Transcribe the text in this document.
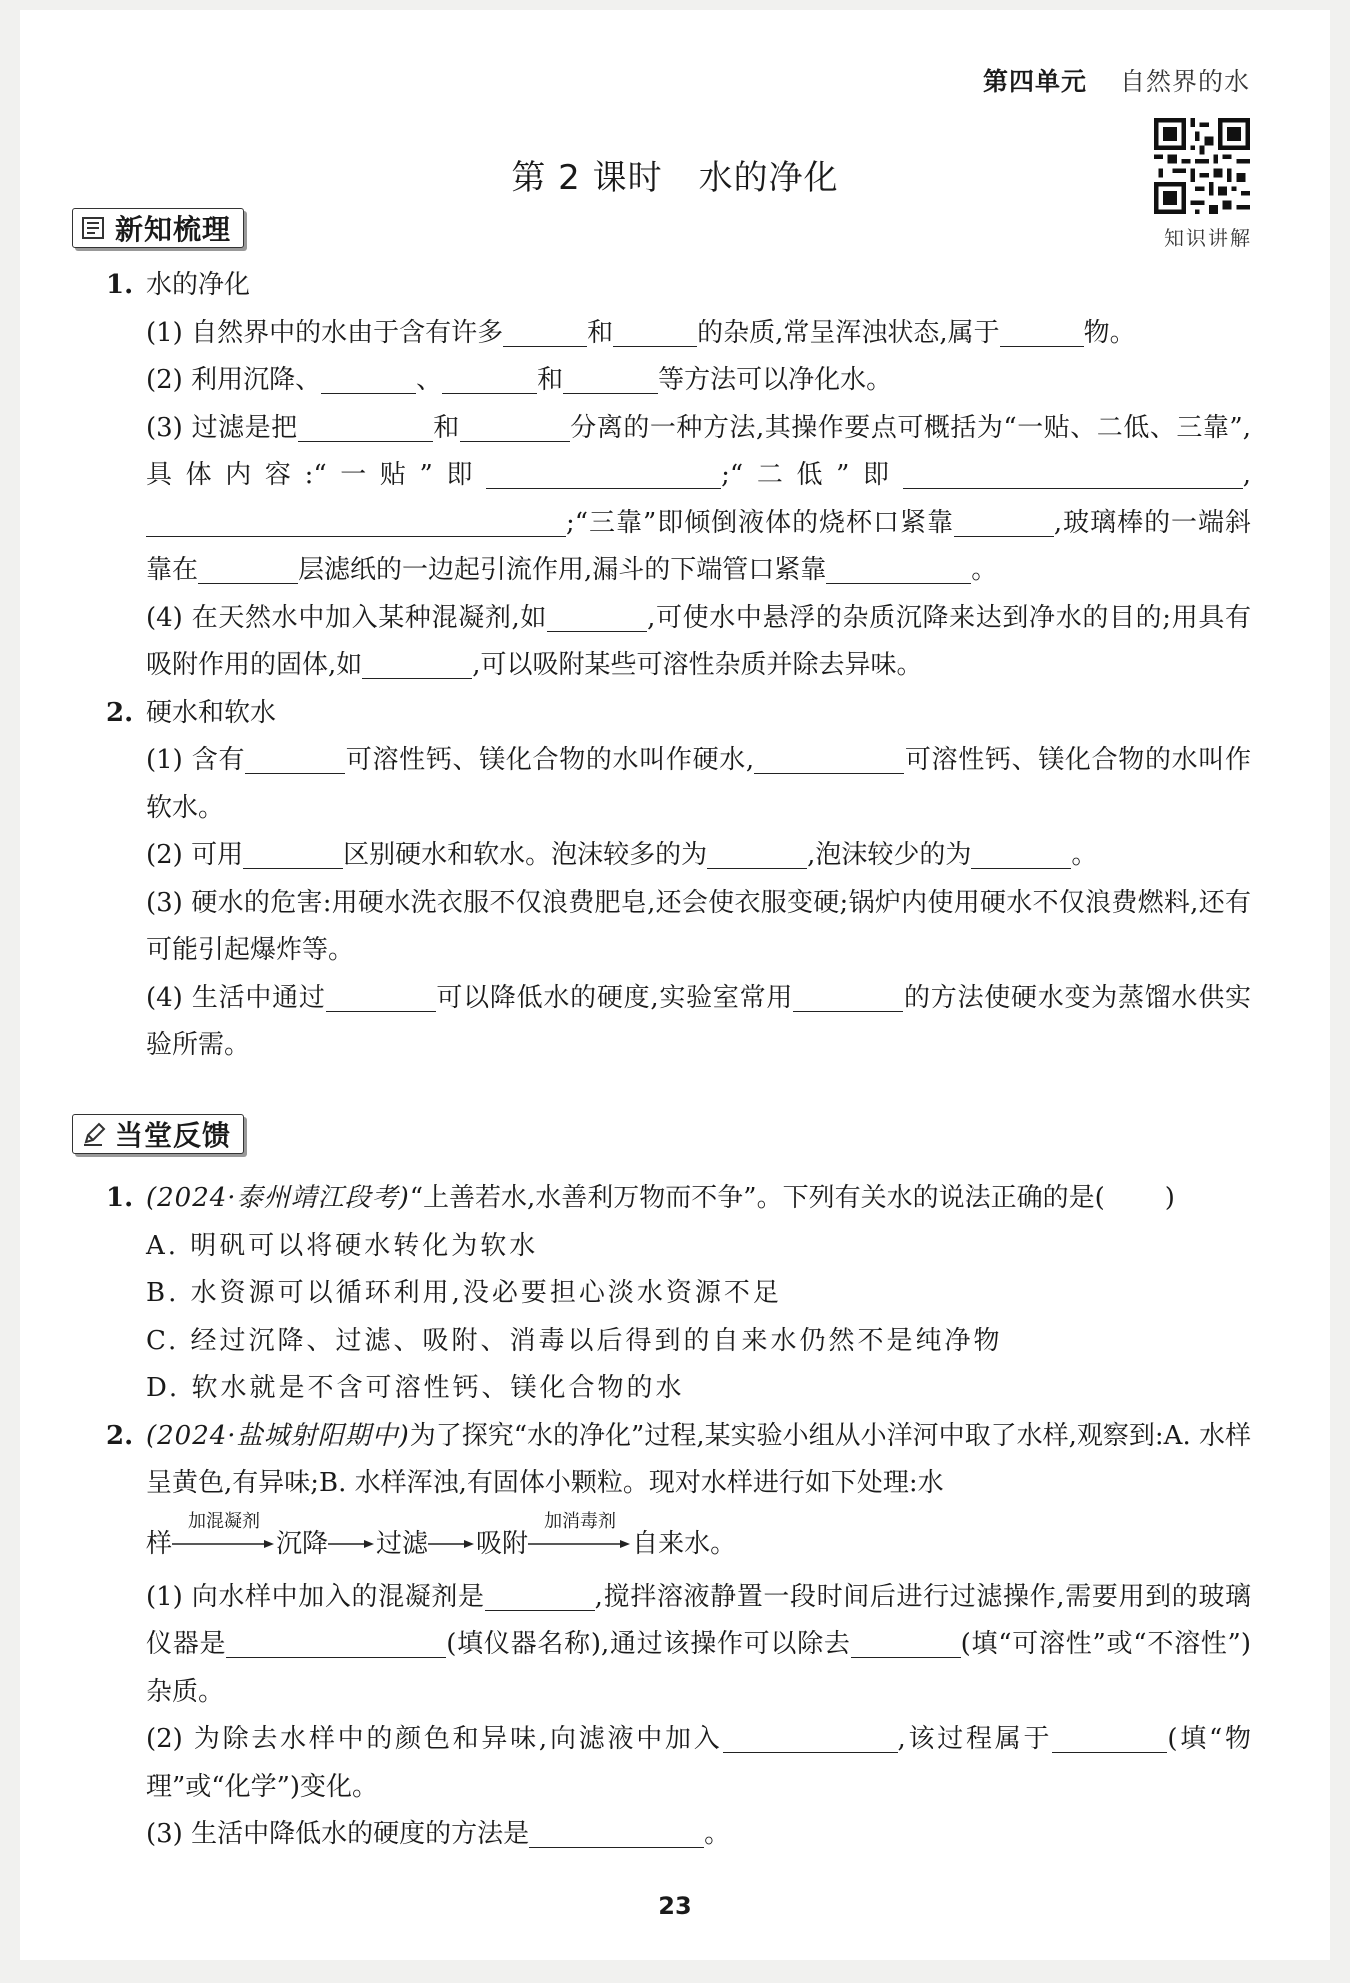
第四单元 自然界的水
知识讲解
第 2 课时 水的净化
新知梳理
1. 水的净化
(1) 自然界中的水由于含有许多	和	的杂质,常呈浑浊状态,属于	物。
(2) 利用沉降、	、	和	等方法可以净化水。
(3) 过滤是把	和	分离的一种方法,其操作要点可概括为“一贴、二低、三靠”,具体内容:“一贴”即	;“二低”即	,;“三靠”即倾倒液体的烧杯口紧靠	,玻璃棒的一端斜靠在	层滤纸的一边起引流作用,漏斗的下端管口紧靠	。
(4) 在天然水中加入某种混凝剂,如	,可使水中悬浮的杂质沉降来达到净水的目的;用具有吸附作用的固体,如	,可以吸附某些可溶性杂质并除去异味。
2. 硬水和软水
(1) 含有	可溶性钙、镁化合物的水叫作硬水,	可溶性钙、镁化合物的水叫作软水。
(2) 可用	区别硬水和软水。泡沫较多的为	,泡沫较少的为	。
(3) 硬水的危害:用硬水洗衣服不仅浪费肥皂,还会使衣服变硬;锅炉内使用硬水不仅浪费燃料,还有可能引起爆炸等。
(4) 生活中通过	可以降低水的硬度,实验室常用	的方法使硬水变为蒸馏水供实验所需。
当堂反馈
1. (2024·泰州靖江段考)“上善若水,水善利万物而不争”。下列有关水的说法正确的是( )
A. 明矾可以将硬水转化为软水
B. 水资源可以循环利用,没必要担心淡水资源不足
C. 经过沉降、过滤、吸附、消毒以后得到的自来水仍然不是纯净物
D. 软水就是不含可溶性钙、镁化合物的水
2. (2024·盐城射阳期中)为了探究“水的净化”过程,某实验小组从小洋河中取了水样,观察到:A. 水样呈黄色,有异味;B. 水样浑浊,有固体小颗粒。现对水样进行如下处理:水
样
加混凝剂
沉降 过滤 吸附
加消毒剂
自来水。
(1) 向水样中加入的混凝剂是	,搅拌溶液静置一段时间后进行过滤操作,需要用到的玻璃仪器是	(填仪器名称),通过该操作可以除去	(填“可溶性”或“不溶性”)杂质。
(2) 为除去水样中的颜色和异味,向滤液中加入	,该过程属于	(填“物理”或“化学”)变化。
(3) 生活中降低水的硬度的方法是	。
23
